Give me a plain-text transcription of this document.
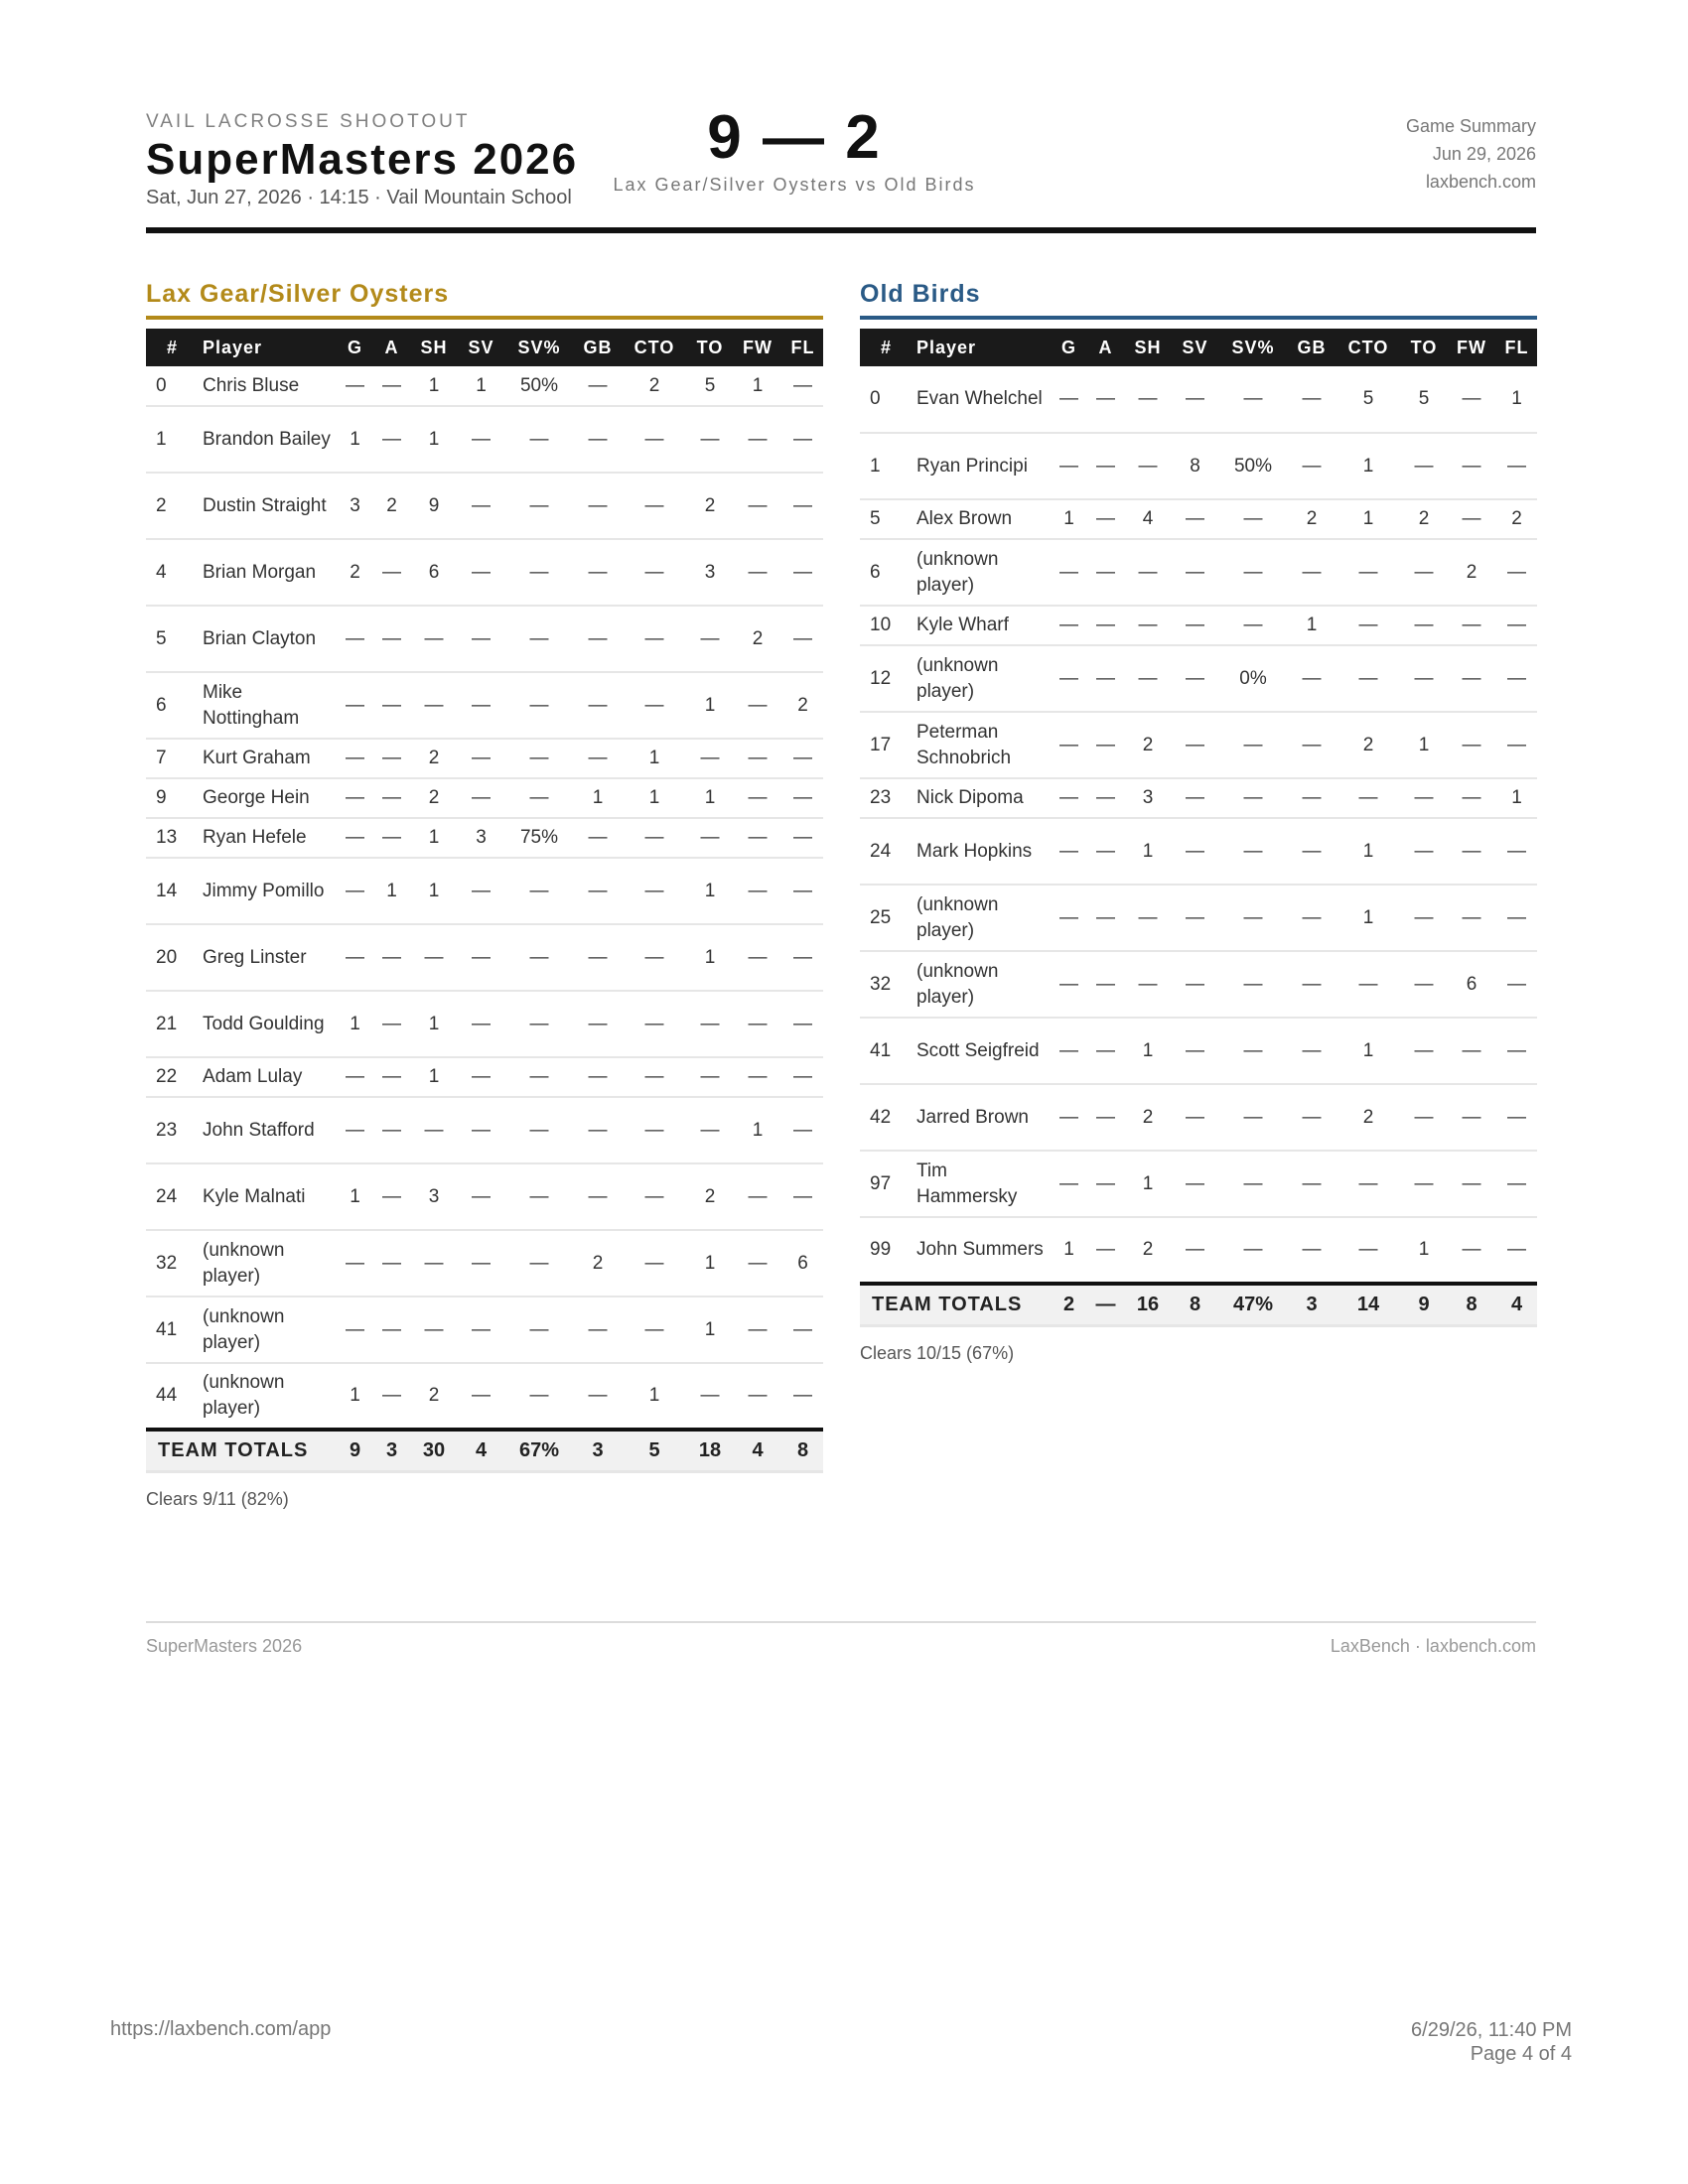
VAIL LACROSSE SHOOTOUT
SuperMasters 2026
Sat, Jun 27, 2026 · 14:15 · Vail Mountain School
9 — 2
Lax Gear/Silver Oysters vs Old Birds
Game Summary
Jun 29, 2026
laxbench.com
Lax Gear/Silver Oysters
#	Player	G	A	SH	SV	SV%	GB	CTO	TO	FW	FL
0	Chris Bluse	—	—	1	1	50%	—	2	5	1	—
1	Brandon Bailey	1	—	1	—	—	—	—	—	—	—
2	Dustin Straight	3	2	9	—	—	—	—	2	—	—
4	Brian Morgan	2	—	6	—	—	—	—	3	—	—
5	Brian Clayton	—	—	—	—	—	—	—	—	2	—
6	Mike Nottingham	—	—	—	—	—	—	—	1	—	2
7	Kurt Graham	—	—	2	—	—	—	1	—	—	—
9	George Hein	—	—	2	—	—	1	1	1	—	—
13	Ryan Hefele	—	—	1	3	75%	—	—	—	—	—
14	Jimmy Pomillo	—	1	1	—	—	—	—	1	—	—
20	Greg Linster	—	—	—	—	—	—	—	1	—	—
21	Todd Goulding	1	—	1	—	—	—	—	—	—	—
22	Adam Lulay	—	—	1	—	—	—	—	—	—	—
23	John Stafford	—	—	—	—	—	—	—	—	1	—
24	Kyle Malnati	1	—	3	—	—	—	—	2	—	—
32	(unknown player)	—	—	—	—	—	2	—	1	—	6
41	(unknown player)	—	—	—	—	—	—	—	1	—	—
44	(unknown player)	1	—	2	—	—	—	1	—	—	—
TEAM TOTALS		9	3	30	4	67%	3	5	18	4	8
Clears 9/11 (82%)
Old Birds
#	Player	G	A	SH	SV	SV%	GB	CTO	TO	FW	FL
0	Evan Whelchel	—	—	—	—	—	—	5	5	—	1
1	Ryan Principi	—	—	—	8	50%	—	1	—	—	—
5	Alex Brown	1	—	4	—	—	2	1	2	—	2
6	(unknown player)	—	—	—	—	—	—	—	—	2	—
10	Kyle Wharf	—	—	—	—	—	1	—	—	—	—
12	(unknown player)	—	—	—	—	0%	—	—	—	—	—
17	Peterman Schnobrich	—	—	2	—	—	—	2	1	—	—
23	Nick Dipoma	—	—	3	—	—	—	—	—	—	1
24	Mark Hopkins	—	—	1	—	—	—	1	—	—	—
25	(unknown player)	—	—	—	—	—	—	1	—	—	—
32	(unknown player)	—	—	—	—	—	—	—	—	6	—
41	Scott Seigfreid	—	—	1	—	—	—	1	—	—	—
42	Jarred Brown	—	—	2	—	—	—	2	—	—	—
97	Tim Hammersky	—	—	1	—	—	—	—	—	—	—
99	John Summers	1	—	2	—	—	—	—	1	—	—
TEAM TOTALS		2	—	16	8	47%	3	14	9	8	4
Clears 10/15 (67%)
SuperMasters 2026	LaxBench · laxbench.com
https://laxbench.com/app	6/29/26, 11:40 PM
Page 4 of 4
